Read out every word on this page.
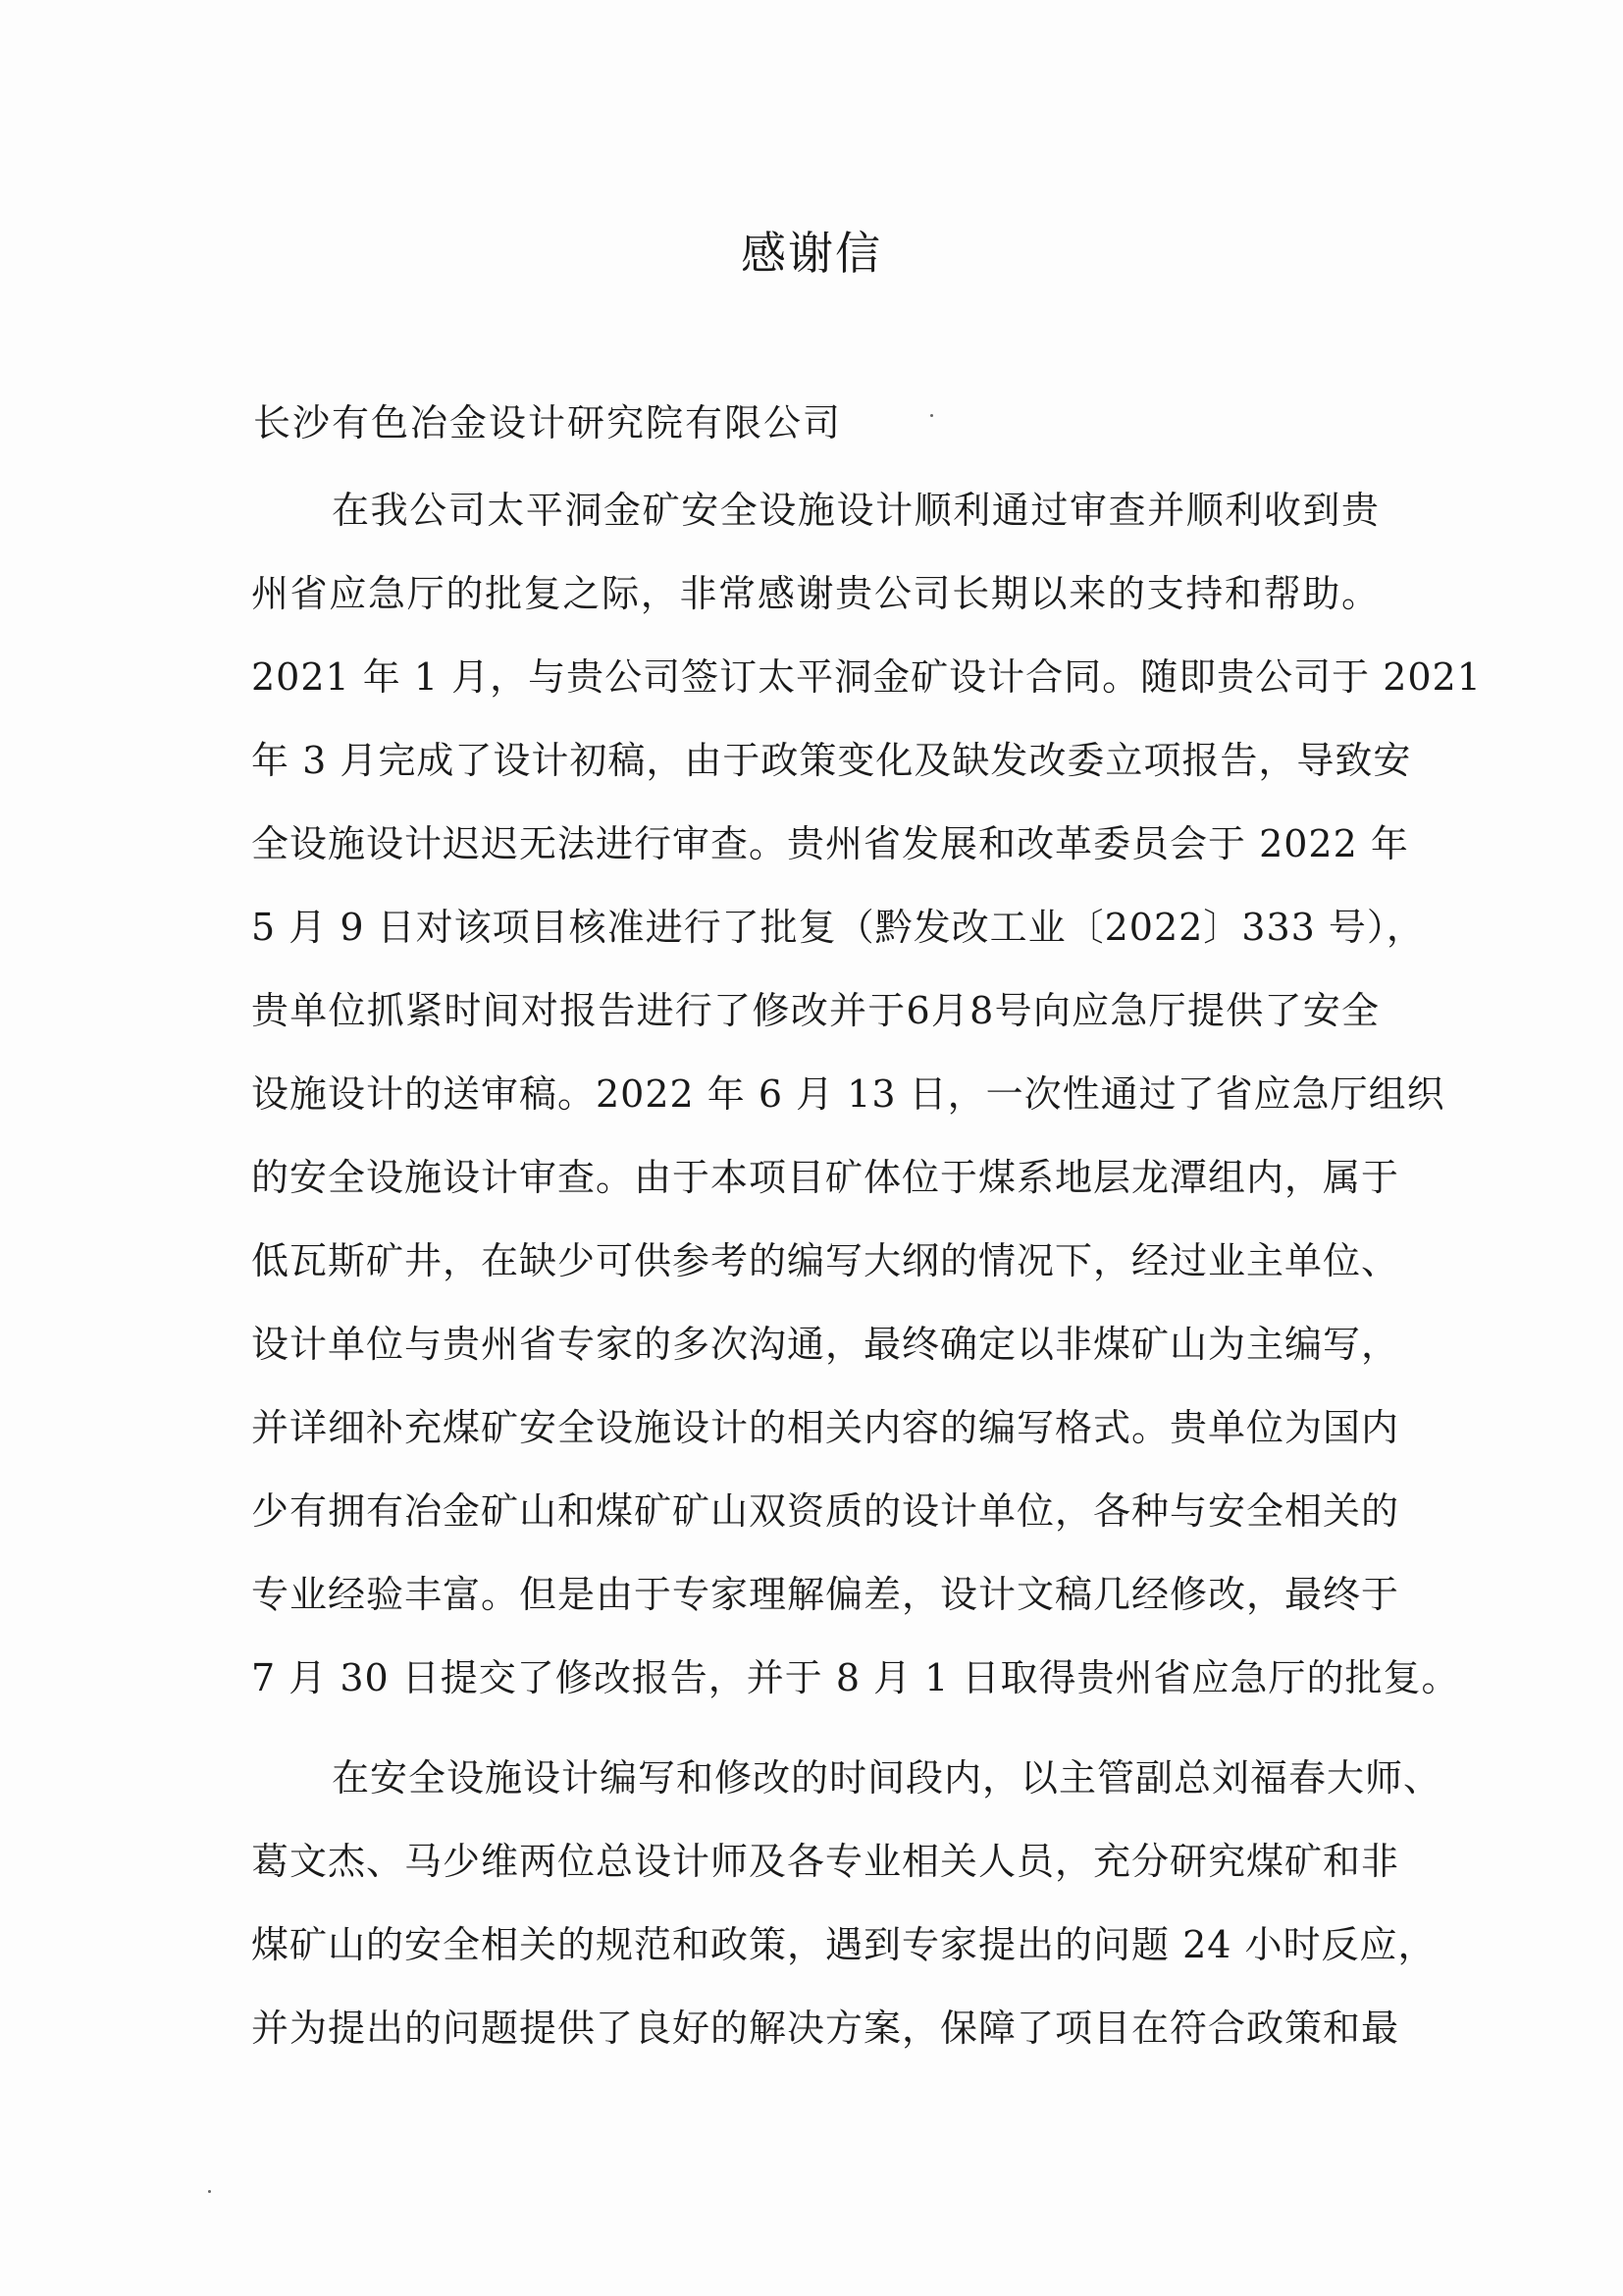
感谢信
长沙有色冶金设计研究院有限公司
在我公司太平洞金矿安全设施设计顺利通过审查并顺利收到贵
州省应急厅的批复之际，非常感谢贵公司长期以来的支持和帮助。
2021 年 1 月，与贵公司签订太平洞金矿设计合同。随即贵公司于 2021
年 3 月完成了设计初稿，由于政策变化及缺发改委立项报告，导致安
全设施设计迟迟无法进行审查。贵州省发展和改革委员会于 2022 年
5 月 9 日对该项目核准进行了批复（黔发改工业〔2022〕333 号），
贵单位抓紧时间对报告进行了修改并于6月8号向应急厅提供了安全
设施设计的送审稿。2022 年 6 月 13 日，一次性通过了省应急厅组织
的安全设施设计审查。由于本项目矿体位于煤系地层龙潭组内，属于
低瓦斯矿井，在缺少可供参考的编写大纲的情况下，经过业主单位、
设计单位与贵州省专家的多次沟通，最终确定以非煤矿山为主编写，
并详细补充煤矿安全设施设计的相关内容的编写格式。贵单位为国内
少有拥有冶金矿山和煤矿矿山双资质的设计单位，各种与安全相关的
专业经验丰富。但是由于专家理解偏差，设计文稿几经修改，最终于
7 月 30 日提交了修改报告，并于 8 月 1 日取得贵州省应急厅的批复。
在安全设施设计编写和修改的时间段内，以主管副总刘福春大师、
葛文杰、马少维两位总设计师及各专业相关人员，充分研究煤矿和非
煤矿山的安全相关的规范和政策，遇到专家提出的问题 24 小时反应，
并为提出的问题提供了良好的解决方案，保障了项目在符合政策和最
